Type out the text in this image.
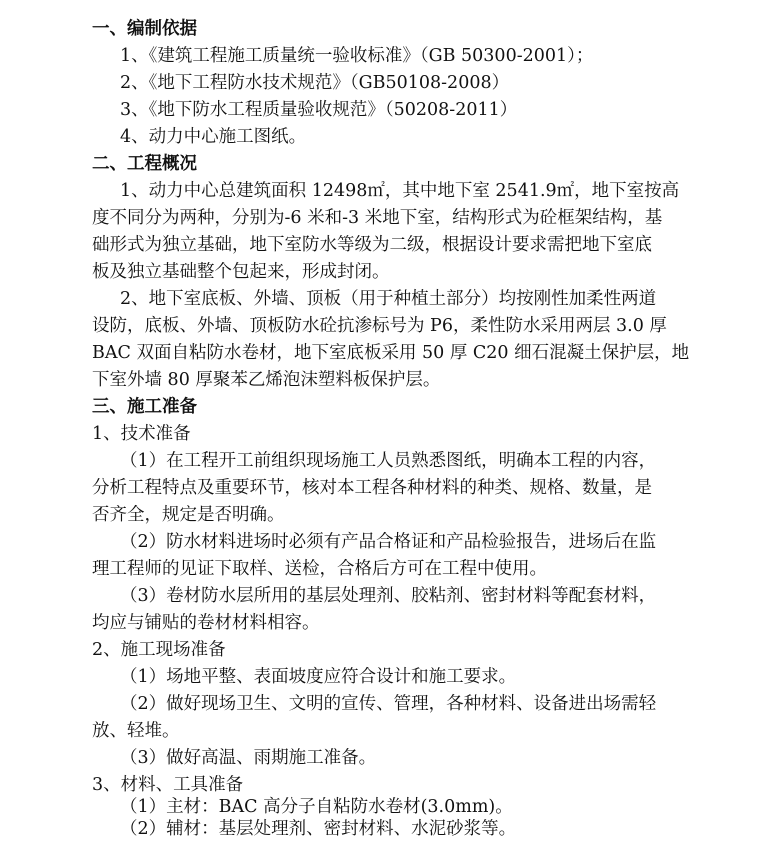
一、编制依据
1、《建筑工程施工质量统一验收标准》（GB 50300-2001）；
2、《地下工程防水技术规范》（GB50108-2008）
3、《地下防水工程质量验收规范》（50208-2011）
4、动力中心施工图纸。
二、工程概况
1、动力中心总建筑面积 12498㎡，其中地下室 2541.9㎡，地下室按高
度不同分为两种，分别为-6 米和-3 米地下室，结构形式为砼框架结构，基
础形式为独立基础，地下室防水等级为二级，根据设计要求需把地下室底
板及独立基础整个包起来，形成封闭。
2、地下室底板、外墙、顶板（用于种植土部分）均按刚性加柔性两道
设防，底板、外墙、顶板防水砼抗渗标号为 P6，柔性防水采用两层 3.0 厚
BAC 双面自粘防水卷材，地下室底板采用 50 厚 C20 细石混凝土保护层，地
下室外墙 80 厚聚苯乙烯泡沫塑料板保护层。
三、施工准备
1、技术准备
（1）在工程开工前组织现场施工人员熟悉图纸，明确本工程的内容，
分析工程特点及重要环节，核对本工程各种材料的种类、规格、数量，是
否齐全，规定是否明确。
（2）防水材料进场时必须有产品合格证和产品检验报告，进场后在监
理工程师的见证下取样、送检，合格后方可在工程中使用。
（3）卷材防水层所用的基层处理剂、胶粘剂、密封材料等配套材料，
均应与铺贴的卷材材料相容。
2、施工现场准备
（1）场地平整、表面坡度应符合设计和施工要求。
（2）做好现场卫生、文明的宣传、管理，各种材料、设备进出场需轻
放、轻堆。
（3）做好高温、雨期施工准备。
3、材料、工具准备
（1）主材：BAC 高分子自粘防水卷材(3.0mm)。
（2）辅材：基层处理剂、密封材料、水泥砂浆等。
